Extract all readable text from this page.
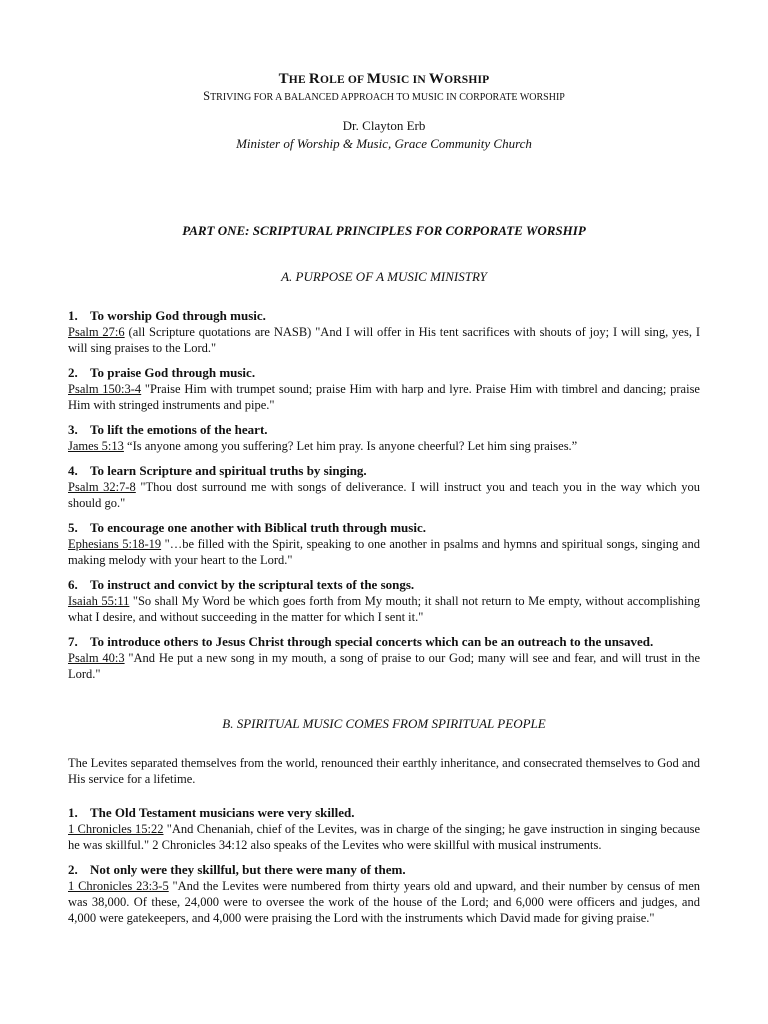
THE ROLE OF MUSIC IN WORSHIP
STRIVING FOR A BALANCED APPROACH TO MUSIC IN CORPORATE WORSHIP
Dr. Clayton Erb
Minister of Worship & Music, Grace Community Church
PART ONE: SCRIPTURAL PRINCIPLES FOR CORPORATE WORSHIP
A. PURPOSE OF A MUSIC MINISTRY
1. To worship God through music.
Psalm 27:6 (all Scripture quotations are NASB) "And I will offer in His tent sacrifices with shouts of joy; I will sing, yes, I will sing praises to the Lord."
2. To praise God through music.
Psalm 150:3-4 "Praise Him with trumpet sound; praise Him with harp and lyre. Praise Him with timbrel and dancing; praise Him with stringed instruments and pipe."
3. To lift the emotions of the heart.
James 5:13 “Is anyone among you suffering? Let him pray. Is anyone cheerful? Let him sing praises.”
4. To learn Scripture and spiritual truths by singing.
Psalm 32:7-8 "Thou dost surround me with songs of deliverance. I will instruct you and teach you in the way which you should go."
5. To encourage one another with Biblical truth through music.
Ephesians 5:18-19 "…be filled with the Spirit, speaking to one another in psalms and hymns and spiritual songs, singing and making melody with your heart to the Lord."
6. To instruct and convict by the scriptural texts of the songs.
Isaiah 55:11 "So shall My Word be which goes forth from My mouth; it shall not return to Me empty, without accomplishing what I desire, and without succeeding in the matter for which I sent it."
7. To introduce others to Jesus Christ through special concerts which can be an outreach to the unsaved.
Psalm 40:3 "And He put a new song in my mouth, a song of praise to our God; many will see and fear, and will trust in the Lord."
B. SPIRITUAL MUSIC COMES FROM SPIRITUAL PEOPLE
The Levites separated themselves from the world, renounced their earthly inheritance, and consecrated themselves to God and His service for a lifetime.
1. The Old Testament musicians were very skilled.
1 Chronicles 15:22 "And Chenaniah, chief of the Levites, was in charge of the singing; he gave instruction in singing because he was skillful." 2 Chronicles 34:12 also speaks of the Levites who were skillful with musical instruments.
2. Not only were they skillful, but there were many of them.
1 Chronicles 23:3-5 "And the Levites were numbered from thirty years old and upward, and their number by census of men was 38,000. Of these, 24,000 were to oversee the work of the house of the Lord; and 6,000 were officers and judges, and 4,000 were gatekeepers, and 4,000 were praising the Lord with the instruments which David made for giving praise."
